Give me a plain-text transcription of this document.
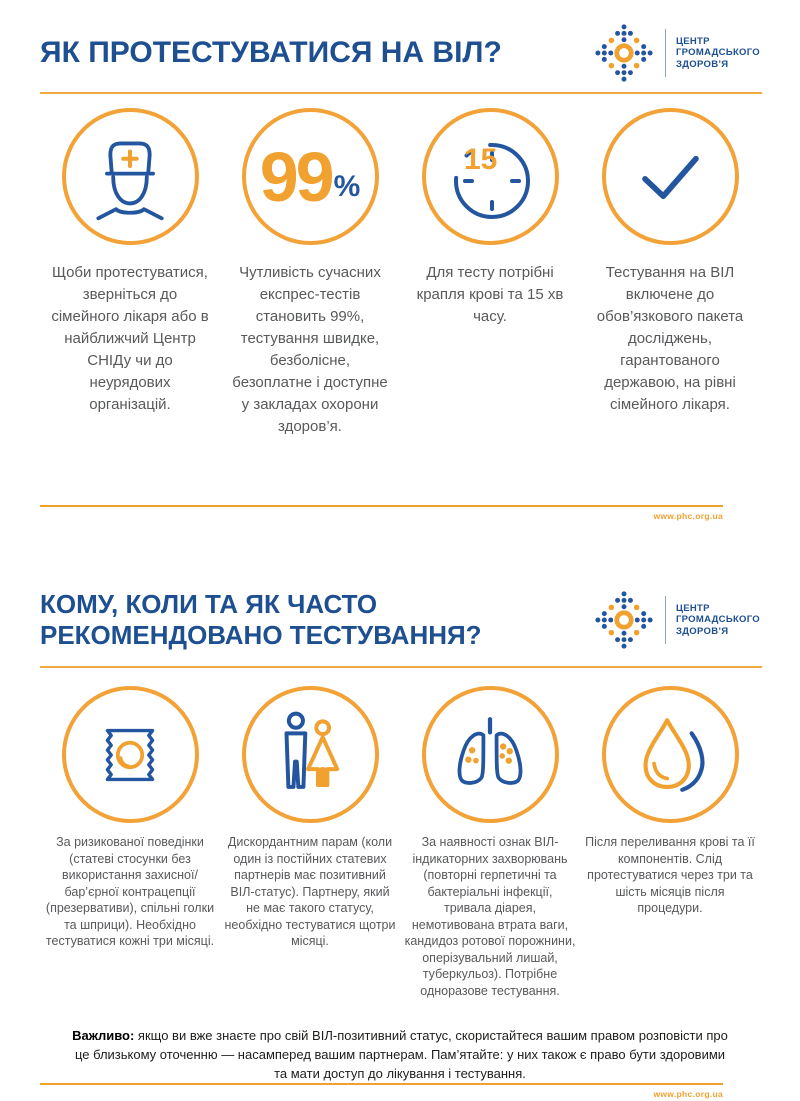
ЯК ПРОТЕСТУВАТИСЯ НА ВІЛ?	ЦЕНТР
ГРОМАДСЬКОГО
ЗДОРОВ’Я
99 %
15
Щоби протестуватися, зверніться до сімейного лікаря або в найближчий Центр СНІДу чи до неурядових організацій.
Чутливість сучасних експрес-тестів становить 99%, тестування швидке, безболісне, безоплатне і доступне у закладах охорони здоров’я.
Для тесту потрібні крапля крові та 15 хв часу.
Тестування на ВІЛ включене до обов’язкового пакета досліджень, гарантованого державою, на рівні сімейного лікаря.
www.phc.org.ua
КОМУ, КОЛИ ТА ЯК ЧАСТО
РЕКОМЕНДОВАНО ТЕСТУВАННЯ?
ЦЕНТР
ГРОМАДСЬКОГО
ЗДОРОВ’Я
За ризикованої поведінки (статеві стосунки без використання захисної/бар’єрної контрацепції (презервативи), спільні голки та шприци). Необхідно тестуватися кожні три місяці.
Дискордантним парам (коли один із постійних статевих партнерів має позитивний ВІЛ-статус). Партнеру, який не має такого статусу, необхідно тестуватися щотри місяці.
За наявності ознак ВІЛ-індикаторних захворювань (повторні герпетичні та бактеріальні інфекції, тривала діарея, немотивована втрата ваги, кандидоз ротової порожнини, оперізувальний лишай, туберкульоз). Потрібне одноразове тестування.
Після переливання крові та її компонентів. Слід протестуватися через три та шість місяців після процедури.

Важливо: якщо ви вже знаєте про свій ВІЛ-позитивний статус, скористайтеся вашим правом розповісти про це близькому оточенню — насамперед вашим партнерам. Пам’ятайте: у них також є право бути здоровими та мати доступ до лікування і тестування.

www.phc.org.ua
